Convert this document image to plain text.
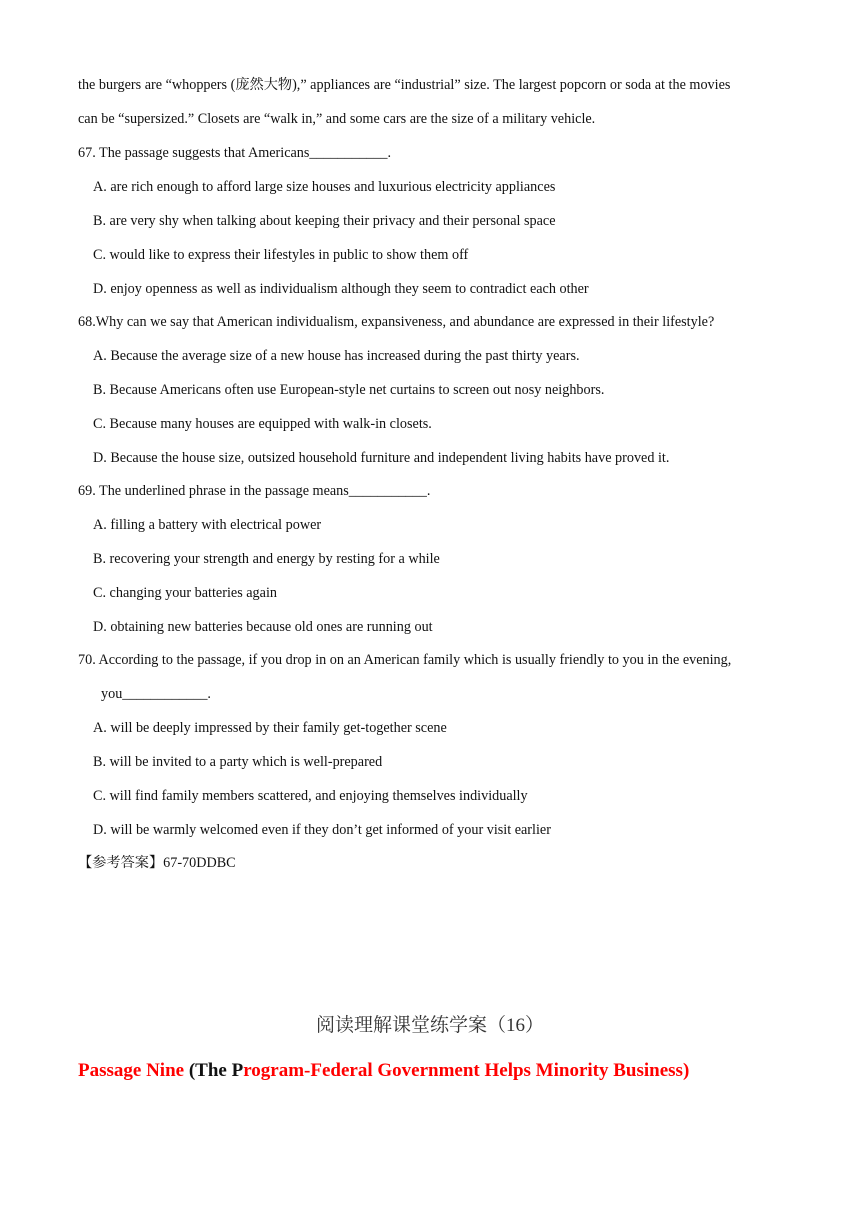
the burgers are “whoppers (庞然大物),” appliances are “industrial” size. The largest popcorn or soda at the movies
can be “supersized.” Closets are “walk in,” and some cars are the size of a military vehicle.
67. The passage suggests that Americans___________.
A. are rich enough to afford large size houses and luxurious electricity appliances
B. are very shy when talking about keeping their privacy and their personal space
C. would like to express their lifestyles in public to show them off
D. enjoy openness as well as individualism although they seem to contradict each other
68.Why can we say that American individualism, expansiveness, and abundance are expressed in their lifestyle?
A. Because the average size of a new house has increased during the past thirty years.
B. Because Americans often use European-style net curtains to screen out nosy neighbors.
C. Because many houses are equipped with walk-in closets.
D. Because the house size, outsized household furniture and independent living habits have proved it.
69. The underlined phrase in the passage means___________.
A. filling a battery with electrical power
B. recovering your strength and energy by resting for a while
C. changing your batteries again
D. obtaining new batteries because old ones are running out
70. According to the passage, if you drop in on an American family which is usually friendly to you in the evening,
you____________.
A. will be deeply impressed by their family get-together scene
B. will be invited to a party which is well-prepared
C. will find family members scattered, and enjoying themselves individually
D. will be warmly welcomed even if they don’t get informed of your visit earlier
【参考答案】67-70DDBC
阅读理解课堂练学案（16）
Passage Nine (The Program-Federal Government Helps Minority Business)
